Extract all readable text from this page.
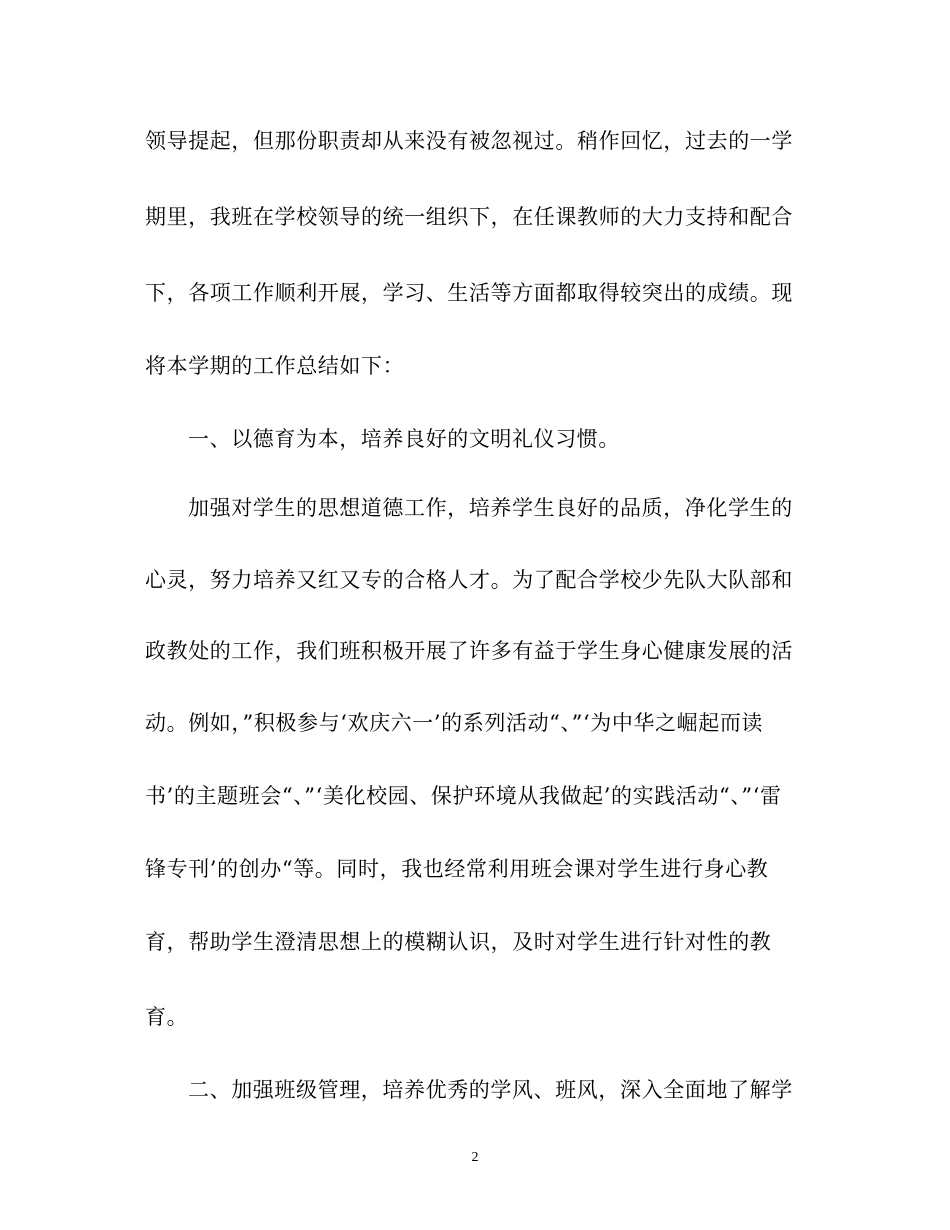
领导提起，但那份职责却从来没有被忽视过。稍作回忆，过去的一学
期里，我班在学校领导的统一组织下，在任课教师的大力支持和配合
下，各项工作顺利开展，学习、生活等方面都取得较突出的成绩。现
将本学期的工作总结如下：
一、以德育为本，培养良好的文明礼仪习惯。
加强对学生的思想道德工作，培养学生良好的品质，净化学生的
心灵，努力培养又红又专的合格人才。为了配合学校少先队大队部和
政教处的工作，我们班积极开展了许多有益于学生身心健康发展的活
动。例如，”积极参与‘欢庆六一’的系列活动“、”‘为中华之崛起而读
书’的主题班会“、”‘美化校园、保护环境从我做起’的实践活动“、”‘雷
锋专刊’的创办“等。同时，我也经常利用班会课对学生进行身心教
育，帮助学生澄清思想上的模糊认识，及时对学生进行针对性的教
育。
二、加强班级管理，培养优秀的学风、班风，深入全面地了解学
2
